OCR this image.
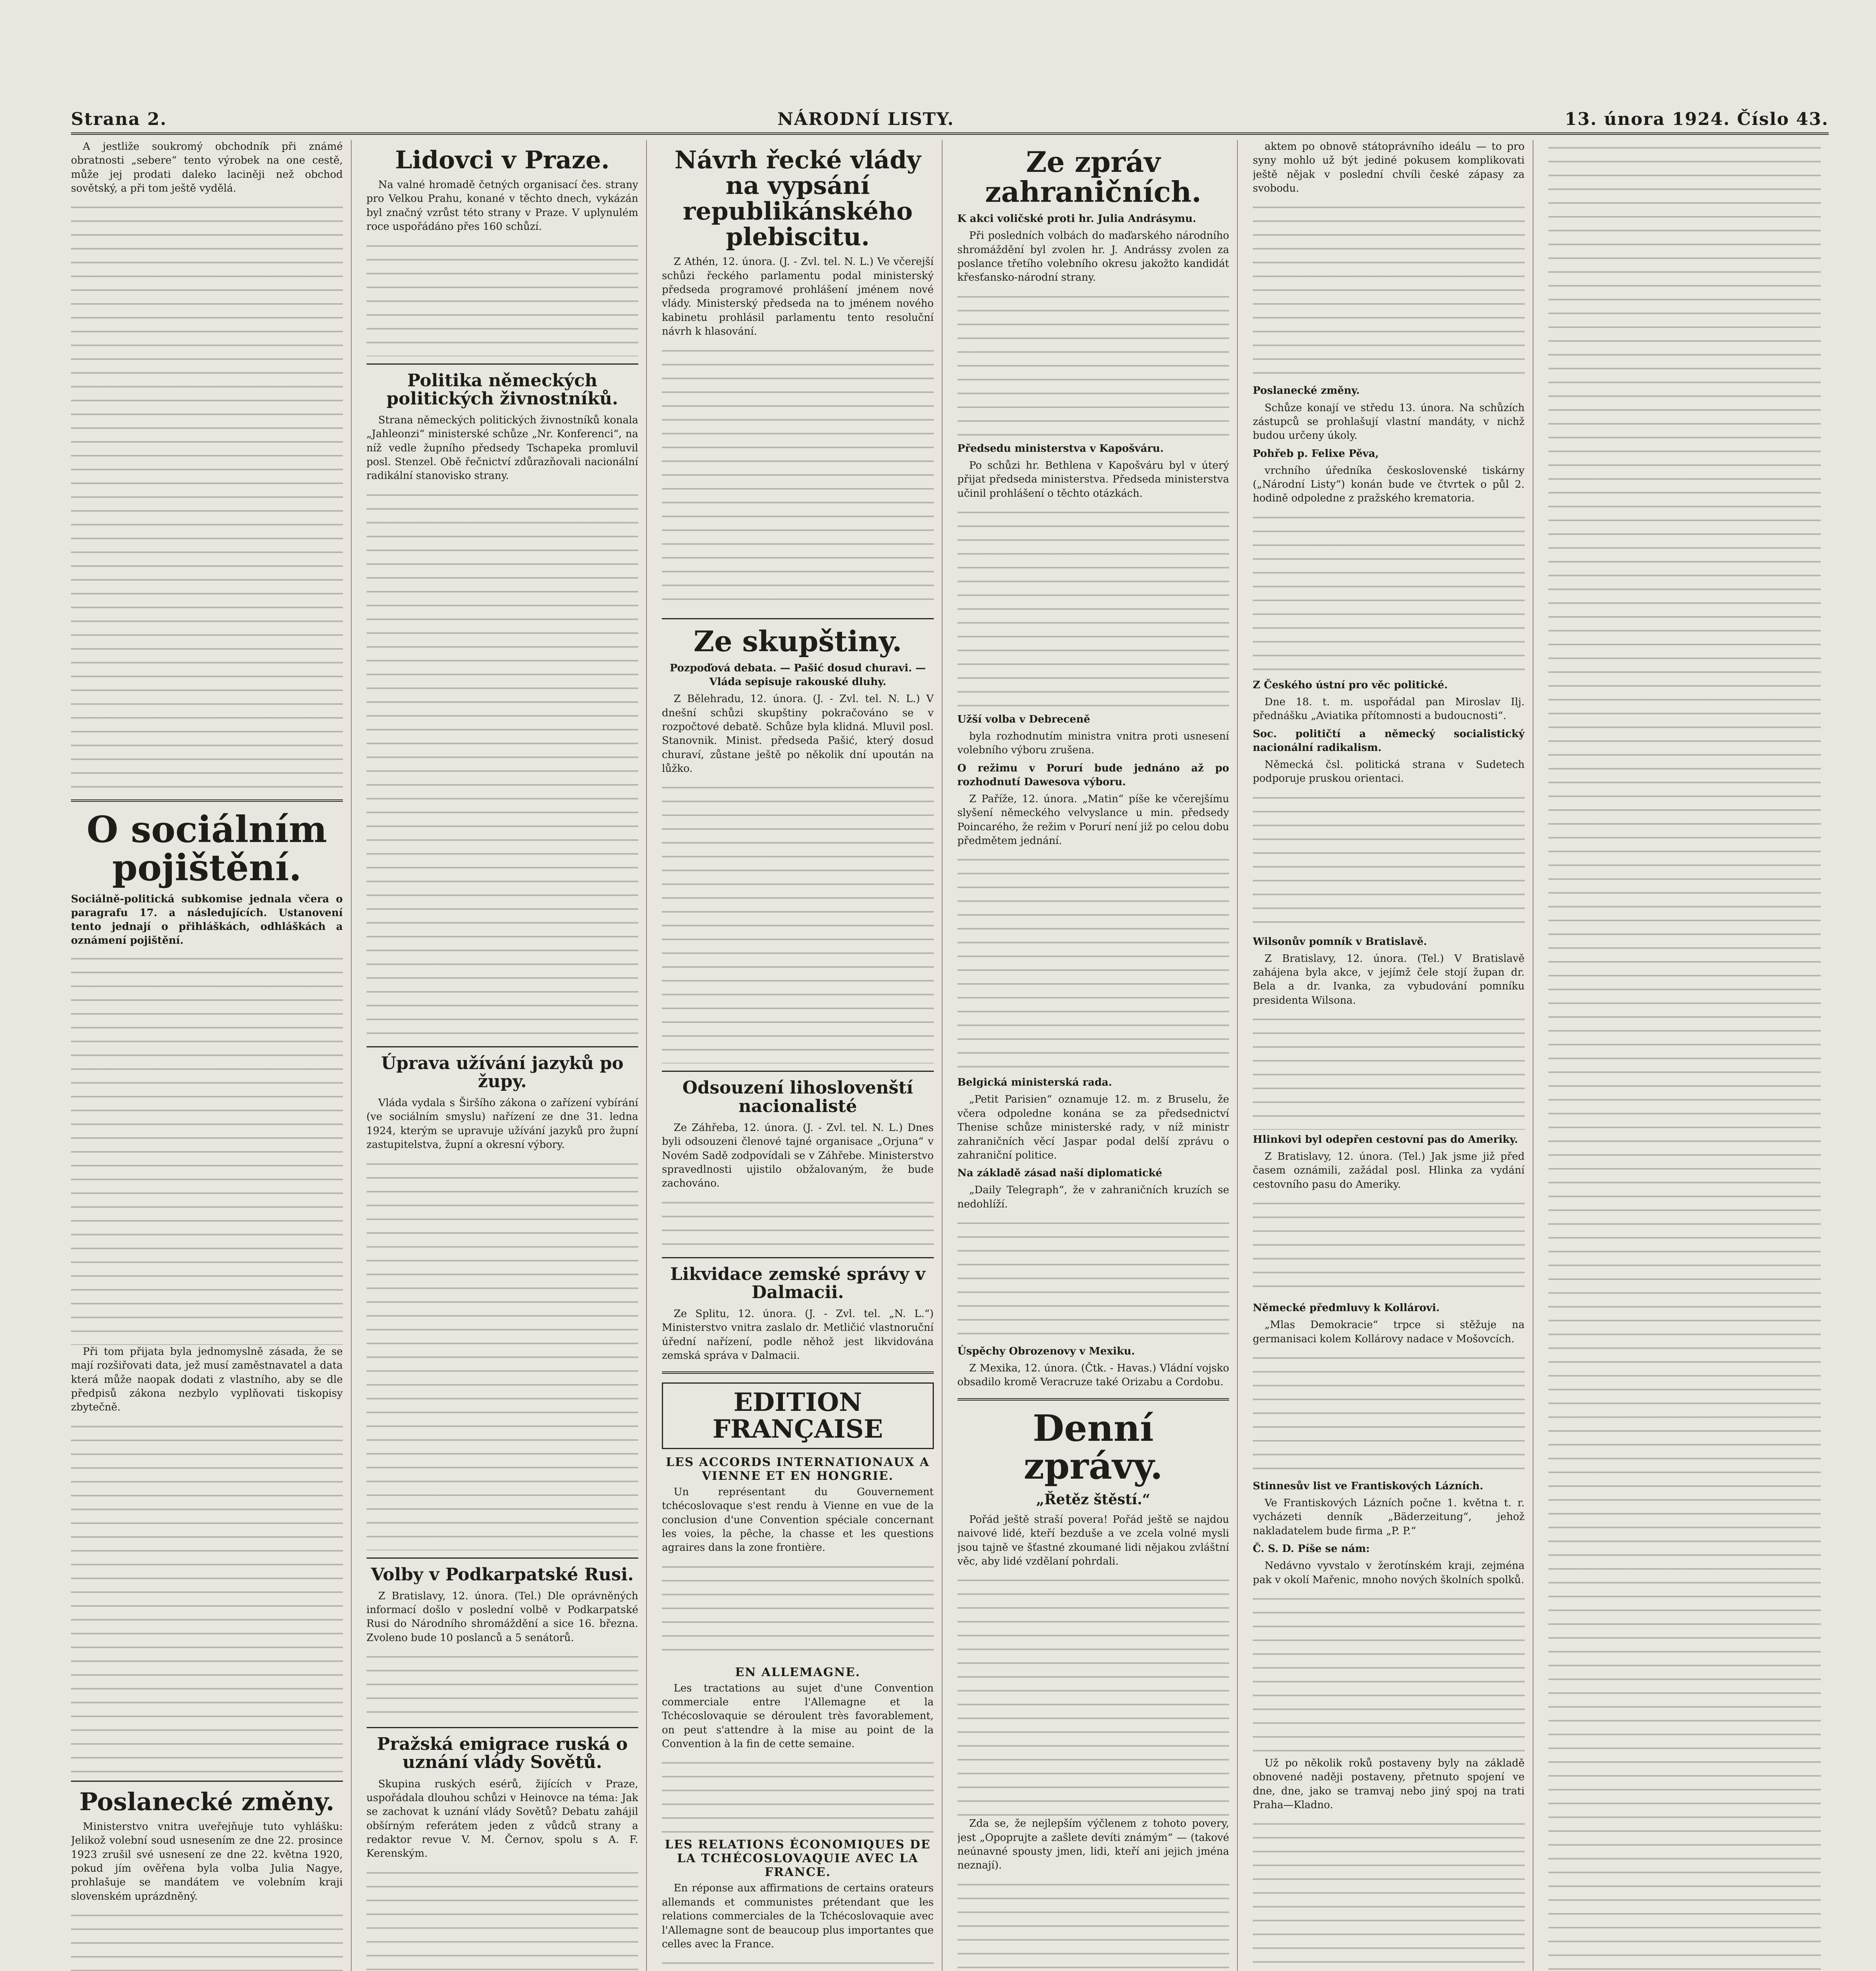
Strana 2.	NÁRODNÍ LISTY.	13. února 1924. Číslo 43.

A jestliže soukromý obchodník při známé obratnosti „sebere“ tento výrobek na one cestě, může jej prodati daleko laciněji než obchod sovětský, a při tom ještě vydělá.

O sociálním pojištění.

Sociálně-politická subkomise jednala včera o paragrafu 17. a následujících. Ustanovení tento jednají o přihláškách, odhláškách a oznámení pojištění.

Při tom přijata byla jednomyslně zásada, že se mají rozšiřovati data, jež musí zaměstnavatel a data která může naopak dodati z vlastního, aby se dle předpisů zákona nezbylo vyplňovati tiskopisy zbytečně.

Poslanecké změny.

Ministerstvo vnitra uveřejňuje tuto vyhlášku: Jelikož volební soud usnesením ze dne 22. prosince 1923 zrušil své usnesení ze dne 22. května 1920, pokud jím ověřena byla volba Julia Nagye, prohlašuje se mandátem ve volebním kraji slovenském uprázdněný.

Lidovci v Praze.

Na valné hromadě četných organisací čes. strany pro Velkou Prahu, konané v těchto dnech, vykázán byl značný vzrůst této strany v Praze. V uplynulém roce uspořádáno přes 160 schůzí.

Politika německých politických živnostníků.

Strana německých politických živnostníků konala „Jahleonzi“ ministerské schůze „Nr. Konferenci“, na níž vedle župního předsedy Tschapeka promluvil posl. Stenzel. Obě řečnictví zdůrazňovali nacionální radikální stanovisko strany.

Úprava užívání jazyků po župy.

Vláda vydala s Širšího zákona o zařízení vybírání (ve sociálním smyslu) nařízení ze dne 31. ledna 1924, kterým se upravuje užívání jazyků pro župní zastupitelstva, župní a okresní výbory.

Volby v Podkarpatské Rusi.

Z Bratislavy, 12. února. (Tel.) Dle oprávněných informací došlo v poslední volbě v Podkarpatské Rusi do Národního shromáždění a sice 16. března. Zvoleno bude 10 poslanců a 5 senátorů.

Pražská emigrace ruská o uznání vlády Sovětů.

Skupina ruských esérů, žijících v Praze, uspořádala dlouhou schůzi v Heinovce na téma: Jak se zachovat k uznání vlády Sovětů? Debatu zahájil obšírným referátem jeden z vůdců strany a redaktor revue V. M. Černov, spolu s A. F. Kerenským.

Návrh řecké vlády na vypsání republikánského plebiscitu.

Z Athén, 12. února. (J. - Zvl. tel. N. L.) Ve včerejší schůzi řeckého parlamentu podal ministerský předseda programové prohlášení jménem nové vlády. Ministerský předseda na to jménem nového kabinetu prohlásil parlamentu tento resoluční návrh k hlasování.

Ze skupštiny.

Pozpoďová debata. — Pašić dosud churavi. — Vláda sepisuje rakouské dluhy.

Z Bělehradu, 12. února. (J. - Zvl. tel. N. L.) V dnešní schůzi skupštiny pokračováno se v rozpočtové debatě. Schůze byla klidná. Mluvil posl. Stanovnik. Minist. předseda Pašić, který dosud churaví, zůstane ještě po několik dní upoután na lůžko.

Odsouzení lihoslovenští nacionalisté

Ze Záhřeba, 12. února. (J. - Zvl. tel. N. L.) Dnes byli odsouzeni členové tajné organisace „Orjuna“ v Novém Sadě zodpovídali se v Záhřebe. Ministerstvo spravedlnosti ujistilo obžalovaným, že bude zachováno.

Likvidace zemské správy v Dalmacii.

Ze Splitu, 12. února. (J. - Zvl. tel. „N. L.“) Ministerstvo vnitra zaslalo dr. Metličić vlastnoruční úřední nařízení, podle něhož jest likvidována zemská správa v Dalmacii.

EDITION FRANÇAISE
LES ACCORDS INTERNATIONAUX A VIENNE ET EN HONGRIE.

Un représentant du Gouvernement tchécoslovaque s'est rendu à Vienne en vue de la conclusion d'une Convention spéciale concernant les voies, la pêche, la chasse et les questions agraires dans la zone frontière.

EN ALLEMAGNE.

Les tractations au sujet d'une Convention commerciale entre l'Allemagne et la Tchécoslovaquie se déroulent très favorablement, on peut s'attendre à la mise au point de la Convention à la fin de cette semaine.

LES RELATIONS ÉCONOMIQUES DE LA TCHÉCOSLOVAQUIE AVEC LA FRANCE.

En réponse aux affirmations de certains orateurs allemands et communistes prétendant que les relations commerciales de la Tchécoslovaquie avec l'Allemagne sont de beaucoup plus importantes que celles avec la France.

Ze zpráv zahraničních.

K akci voličské proti hr. Julia Andrásymu.

Při posledních volbách do maďarského národního shromáždění byl zvolen hr. J. Andrássy zvolen za poslance třetího volebního okresu jakožto kandidát křesťansko-národní strany.

Předsedu ministerstva v Kapošváru.

Po schůzi hr. Bethlena v Kapošváru byl v úterý přijat předseda ministerstva. Předseda ministerstva učinil prohlášení o těchto otázkách.

Užší volba v Debreceně

byla rozhodnutím ministra vnitra proti usnesení volebního výboru zrušena.

O režimu v Porurí bude jednáno až po rozhodnutí Dawesova výboru.

Z Paříže, 12. února. „Matin“ píše ke včerejšímu slyšení německého velvyslance u min. předsedy Poincarého, že režim v Porurí není již po celou dobu předmětem jednání.

Belgická ministerská rada.

„Petit Parisien“ oznamuje 12. m. z Bruselu, že včera odpoledne konána se za předsednictví Thenise schůze ministerské rady, v níž ministr zahraničních věcí Jaspar podal delší zprávu o zahraniční politice.

Na základě zásad naší diplomatické

„Daily Telegraph“, že v zahraničních kruzích se nedohlíží.

Úspěchy Obrozenovy v Mexiku.

Z Mexika, 12. února. (Čtk. - Havas.) Vládní vojsko obsadilo kromě Veracruze také Orizabu a Cordobu.

Denní zprávy.
„Řetěz štěstí.“

Pořád ještě straší povera! Pořád ještě se najdou naivové lidé, kteří bezduše a ve zcela volné mysli jsou tajně ve šťastné zkoumané lidi nějakou zvláštní věc, aby lidé vzdělaní pohrdali.

Zda se, že nejlepším výčlenem z tohoto povery, jest „Opoprujte a zašlete devíti známým“ — (takové neúnavné spousty jmen, lidi, kteří ani jejich jména neznají).

aktem po obnově státoprávního ideálu — to pro syny mohlo už být jediné pokusem komplikovati ještě nějak v poslední chvíli české zápasy za svobodu.

Poslanecké změny.

Schůze konají ve středu 13. února. Na schůzích zástupců se prohlašují vlastní mandáty, v nichž budou určeny úkoly.

Pohřeb p. Felixe Pěva,

vrchního úředníka československé tiskárny („Národní Listy“) konán bude ve čtvrtek o půl 2. hodině odpoledne z pražského krematoria.

Z Českého ústní pro věc politické.

Dne 18. t. m. uspořádal pan Miroslav Ilj. přednášku „Aviatika přítomnosti a budoucnosti“.

Soc. političtí a německý socialistický nacionální radikalism.

Německá čsl. politická strana v Sudetech podporuje pruskou orientaci.

Wilsonův pomník v Bratislavě.

Z Bratislavy, 12. února. (Tel.) V Bratislavě zahájena byla akce, v jejímž čele stojí župan dr. Bela a dr. Ivanka, za vybudování pomníku presidenta Wilsona.

Hlinkovi byl odepřen cestovní pas do Ameriky.

Z Bratislavy, 12. února. (Tel.) Jak jsme již před časem oznámili, zažádal posl. Hlinka za vydání cestovního pasu do Ameriky.

Německé předmluvy k Kollárovi.

„Mlas Demokracie“ trpce si stěžuje na germanisaci kolem Kollárovy nadace v Mošovcích.

Stinnesův list ve Frantiskových Lázních.

Ve Frantiskových Lázních počne 1. května t. r. vycházeti denník „Bäderzeitung“, jehož nakladatelem bude firma „P. P.“

Č. S. D. Píše se nám:

Nedávno vyvstalo v žerotínském kraji, zejména pak v okolí Mařenic, mnoho nových školních spolků.

Už po několik roků postaveny byly na základě obnovené naději postaveny, přetnuto spojení ve dne, dne, jako se tramvaj nebo jiný spoj na trati Praha—Kladno.
